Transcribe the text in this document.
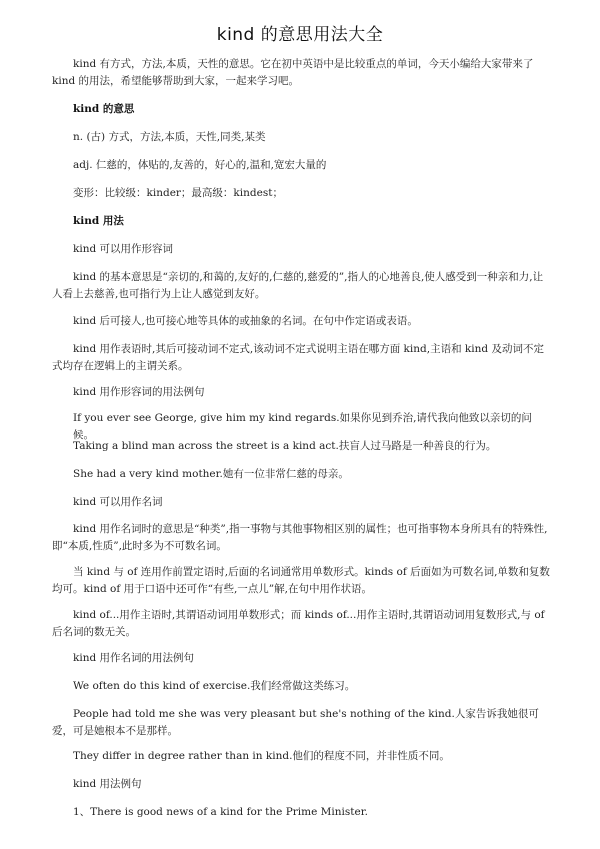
kind 的意思用法大全

kind 有方式，方法,本质，天性的意思。它在初中英语中是比较重点的单词，今天小编给大家带来了 kind 的用法，希望能够帮助到大家，一起来学习吧。

kind 的意思

n. (古) 方式，方法,本质，天性,同类,某类

adj. 仁慈的，体贴的,友善的，好心的,温和,宽宏大量的

变形：比较级：kinder；最高级：kindest；

kind 用法

kind 可以用作形容词

kind 的基本意思是“亲切的,和蔼的,友好的,仁慈的,慈爱的”,指人的心地善良,使人感受到一种亲和力,让人看上去慈善,也可指行为上让人感觉到友好。

kind 后可接人,也可接心地等具体的或抽象的名词。在句中作定语或表语。

kind 用作表语时,其后可接动词不定式,该动词不定式说明主语在哪方面 kind,主语和 kind 及动词不定式均存在逻辑上的主谓关系。

kind 用作形容词的用法例句

If you ever see George, give him my kind regards.如果你见到乔治,请代我向他致以亲切的问候。

Taking a blind man across the street is a kind act.扶盲人过马路是一种善良的行为。

She had a very kind mother.她有一位非常仁慈的母亲。

kind 可以用作名词

kind 用作名词时的意思是“种类”,指一事物与其他事物相区别的属性；也可指事物本身所具有的特殊性,即“本质,性质”,此时多为不可数名词。

当 kind 与 of 连用作前置定语时,后面的名词通常用单数形式。kinds of 后面如为可数名词,单数和复数均可。kind of 用于口语中还可作“有些,一点儿”解,在句中用作状语。

kind of...用作主语时,其谓语动词用单数形式；而 kinds of...用作主语时,其谓语动词用复数形式,与 of 后名词的数无关。

kind 用作名词的用法例句

We often do this kind of exercise.我们经常做这类练习。

People had told me she was very pleasant but she's nothing of the kind.人家告诉我她很可爱，可是她根本不是那样。

They differ in degree rather than in kind.他们的程度不同，并非性质不同。

kind 用法例句

1、There is good news of a kind for the Prime Minister.
